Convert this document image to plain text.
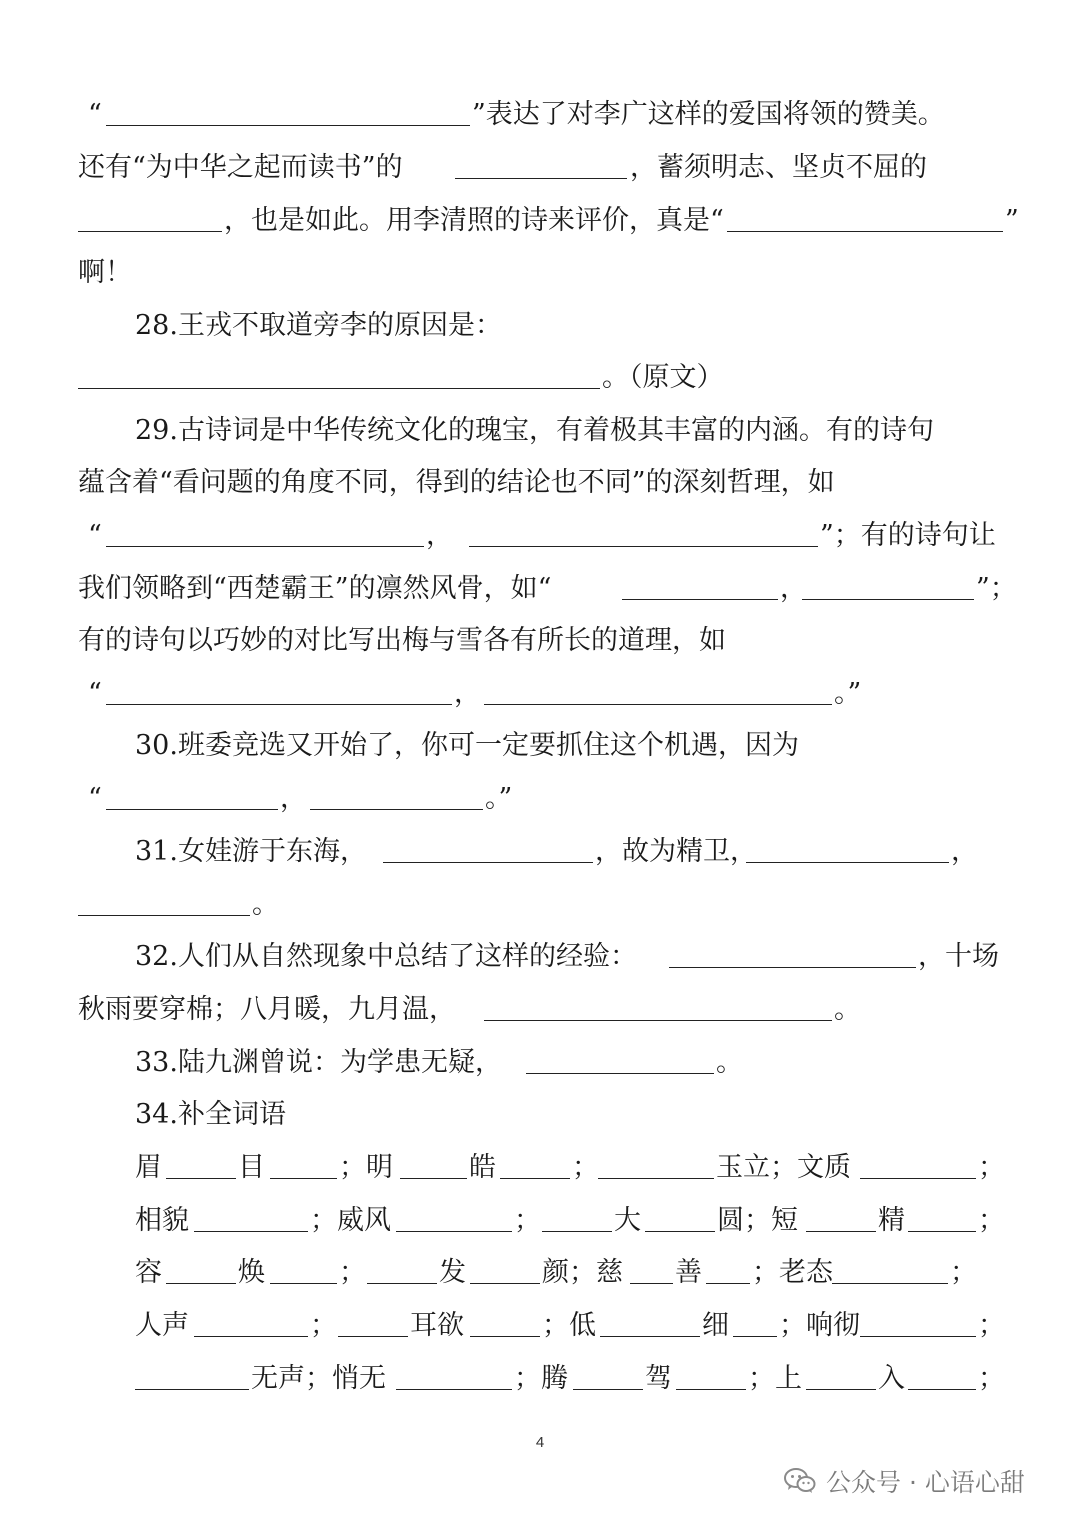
“	”表达了对李广这样的爱国将领的赞美。
还有“为中华之起而读书”的	，蓄须明志、坚贞不屈的
，也是如此。用李清照的诗来评价，真是“	”
啊！
28.王戎不取道旁李的原因是：
。（原文）
29.古诗词是中华传统文化的瑰宝，有着极其丰富的内涵。有的诗句
蕴含着“看问题的角度不同，得到的结论也不同”的深刻哲理，如
“	，	”；有的诗句让
我们领略到“西楚霸王”的凛然风骨，如“	，	”；
有的诗句以巧妙的对比写出梅与雪各有所长的道理，如
“	，	。”
30.班委竞选又开始了，你可一定要抓住这个机遇，因为
“	，	。”
31.女娃游于东海，	，故为精卫，	，
。
32.人们从自然现象中总结了这样的经验：	，十场
秋雨要穿棉；八月暖，九月温，	。
33.陆九渊曾说：为学患无疑，	。
34.补全词语
眉	目	；明	皓	；	玉立；文质	；
相貌	；威风	；	大	圆；短	精	；
容	焕	；	发	颜；慈 善 ；老态	；
人声	；	耳欲	；低	细 ；响彻	；
无声；悄无	；腾	驾	；上	入	；
4
公众号 · 心语心甜
